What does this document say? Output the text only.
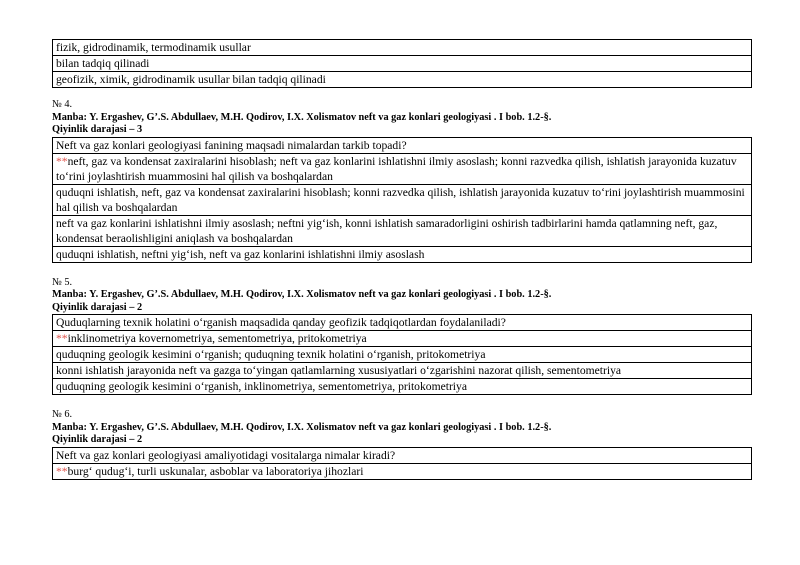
fizik, gidrodinamik, termodinamik usullar
bilan tadqiq qilinadi
geofizik, ximik, gidrodinamik usullar bilan tadqiq qilinadi
№ 4.
Manba: Y. Ergashev, G’.S. Abdullaev, M.H. Qodirov, I.X. Xolismatov neft va gaz konlari geologiyasi . I bob. 1.2-§.
Qiyinlik darajasi – 3
Neft va gaz konlari geologiyasi fanining maqsadi nimalardan tarkib topadi?
**neft, gaz va kondensat zaxiralarini hisoblash; neft va gaz konlarini ishlatishni ilmiy asoslash; konni razvedka qilish, ishlatish jarayonida kuzatuv to‘rini joylashtirish muammosini hal qilish va boshqalardan
quduqni ishlatish, neft, gaz va kondensat zaxiralarini hisoblash; konni razvedka qilish, ishlatish jarayonida kuzatuv to‘rini joylashtirish muammosini hal qilish va boshqalardan
neft va gaz konlarini ishlatishni ilmiy asoslash; neftni yig‘ish, konni ishlatish samaradorligini oshirish tadbirlarini hamda qatlamning neft, gaz, kondensat beraolishligini aniqlash va boshqalardan
quduqni ishlatish, neftni yig‘ish, neft va gaz konlarini ishlatishni ilmiy asoslash
№ 5.
Manba: Y. Ergashev, G’.S. Abdullaev, M.H. Qodirov, I.X. Xolismatov neft va gaz konlari geologiyasi . I bob. 1.2-§.
Qiyinlik darajasi – 2
Quduqlarning texnik holatini o‘rganish maqsadida qanday geofizik tadqiqotlardan foydalaniladi?
**inklinometriya kovernometriya, sementometriya, pritokometriya
quduqning geologik kesimini o‘rganish; quduqning texnik holatini o‘rganish, pritokometriya
konni ishlatish jarayonida neft va gazga to‘yingan qatlamlarning xususiyatlari o‘zgarishini nazorat qilish, sementometriya
quduqning geologik kesimini o‘rganish, inklinometriya, sementometriya, pritokometriya
№ 6.
Manba: Y. Ergashev, G’.S. Abdullaev, M.H. Qodirov, I.X. Xolismatov neft va gaz konlari geologiyasi . I bob. 1.2-§.
Qiyinlik darajasi – 2
Neft va gaz konlari geologiyasi amaliyotidagi vositalarga nimalar kiradi?
**burg‘ qudug‘i, turli uskunalar, asboblar va laboratoriya jihozlari
